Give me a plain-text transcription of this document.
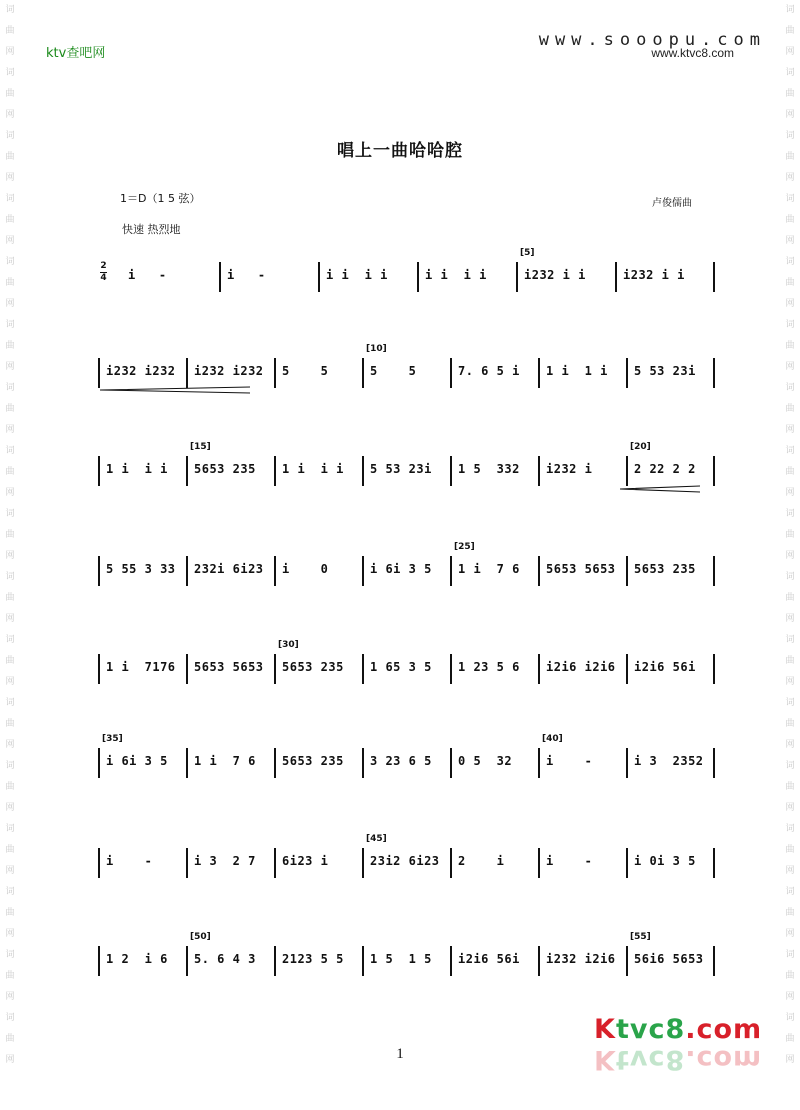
词
曲
网
词
曲
网
词
曲
网
词
曲
网
词
曲
网
词
曲
网
词
曲
网
词
曲
网
词
曲
网
词
曲
网
词
曲
网
词
曲
网
词
曲
网
词
曲
网
词
曲
网
词
曲
网
词
曲
网
词
曲
网
词
曲
网
词
曲
网
词
曲
网
词
曲
网
词
曲
网
词
曲
网
词
曲
网
词
曲
网
词
曲
网
词
曲
网
词
曲
网
词
曲
网
词
曲
网
词
曲
网
词
曲
网
词
曲
网
ktv查吧网
www.sooopu.com
www.ktvc8.com
唱上一曲哈哈腔
1＝D（1 5 弦）	卢俊儒曲
快速 热烈地
2
4 i   -	i   -	i i  i i	i i  i i	i232 i i
[5]
i232 i i
i232 i232 i232 i232 5    5	5    5
[10]
7. 6 5 i 1 i  1 i 5 53 23i
1 i  i i 5653 235
[15]
1 i  i i 5 53 23i 1 5  332 i232 i	2 22 2 2
[20]
5 55 3 33 232i 6i23 i    0	i 6i 3 5 1 i  7 6
[25]
5653 5653 5653 235
1 i  7176 5653 5653 5653 235
[30]
1 65 3 5 1 23 5 6 i2i6 i2i6 i2i6 56i
i 6i 3 5
[35]
1 i  7 6 5653 235 3 23 6 5 0 5  32	i    -
[40]
i 3  2352
i    -	i 3  2 7 6i23 i	23i2 6i23
[45]
2    i	i    -	i 0i 3 5
1 2  i 6 5. 6 4 3
[50]
2123 5 5 1 5  1 5 i2i6 56i i232 i2i6 56i6 5653
[55]
1
Ktvc8.com
Ktvc8.com
